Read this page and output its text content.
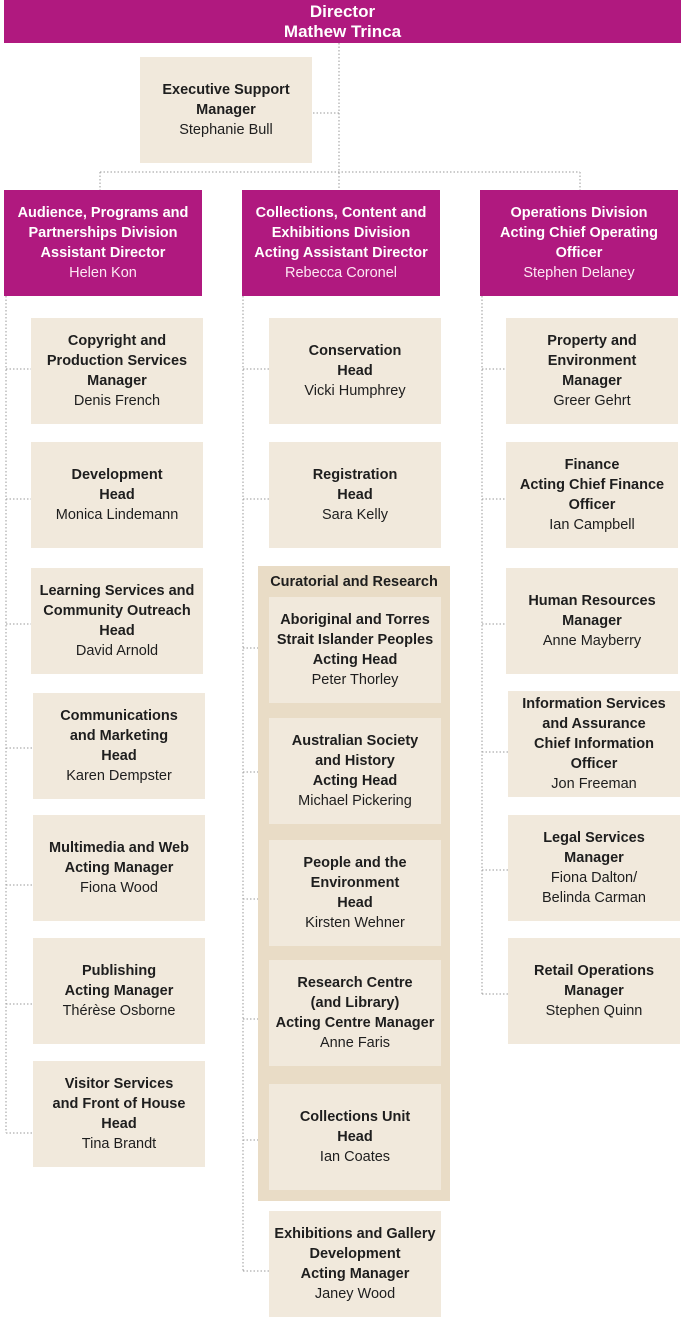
Director
Mathew Trinca
Executive Support
Manager
Stephanie Bull
Audience, Programs and
Partnerships Division
Assistant Director
Helen Kon
Collections, Content and
Exhibitions Division
Acting Assistant Director
Rebecca Coronel
Operations Division
Acting Chief Operating
Officer
Stephen Delaney
Copyright and
Production Services
Manager
Denis French
Development
Head
Monica Lindemann
Learning Services and
Community Outreach
Head
David Arnold
Communications
and Marketing
Head
Karen Dempster
Multimedia and Web
Acting Manager
Fiona Wood
Publishing
Acting Manager
Thérèse Osborne
Visitor Services
and Front of House
Head
Tina Brandt
Conservation
Head
Vicki Humphrey
Registration
Head
Sara Kelly
Curatorial and Research
Aboriginal and Torres
Strait Islander Peoples
Acting Head
Peter Thorley
Australian Society
and History
Acting Head
Michael Pickering
People and the
Environment
Head
Kirsten Wehner
Research Centre
(and Library)
Acting Centre Manager
Anne Faris
Collections Unit
Head
Ian Coates
Exhibitions and Gallery
Development
Acting Manager
Janey Wood
Property and
Environment
Manager
Greer Gehrt
Finance
Acting Chief Finance
Officer
Ian Campbell
Human Resources
Manager
Anne Mayberry
Information Services
and Assurance
Chief Information
Officer
Jon Freeman
Legal Services
Manager
Fiona Dalton/
Belinda Carman
Retail Operations
Manager
Stephen Quinn
